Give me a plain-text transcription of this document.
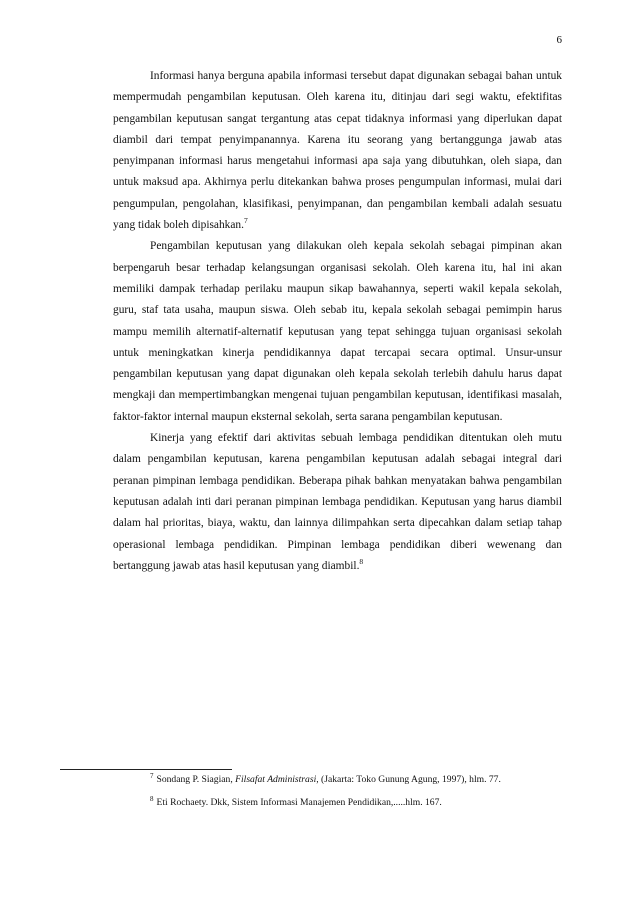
6

Informasi hanya berguna apabila informasi tersebut dapat digunakan sebagai bahan untuk mempermudah pengambilan keputusan. Oleh karena itu, ditinjau dari segi waktu, efektifitas pengambilan keputusan sangat tergantung atas cepat tidaknya informasi yang diperlukan dapat diambil dari tempat penyimpanannya. Karena itu seorang yang bertanggunga jawab atas penyimpanan informasi harus mengetahui informasi apa saja yang dibutuhkan, oleh siapa, dan untuk maksud apa. Akhirnya perlu ditekankan bahwa proses pengumpulan informasi, mulai dari pengumpulan, pengolahan, klasifikasi, penyimpanan, dan pengambilan kembali adalah sesuatu yang tidak boleh dipisahkan.$^7$

Pengambilan keputusan yang dilakukan oleh kepala sekolah sebagai pimpinan akan berpengaruh besar terhadap kelangsungan organisasi sekolah. Oleh karena itu, hal ini akan memiliki dampak terhadap perilaku maupun sikap bawahannya, seperti wakil kepala sekolah, guru, staf tata usaha, maupun siswa. Oleh sebab itu, kepala sekolah sebagai pemimpin harus mampu memilih alternatif-alternatif keputusan yang tepat sehingga tujuan organisasi sekolah untuk meningkatkan kinerja pendidikannya dapat tercapai secara optimal. Unsur-unsur pengambilan keputusan yang dapat digunakan oleh kepala sekolah terlebih dahulu harus dapat mengkaji dan mempertimbangkan mengenai tujuan pengambilan keputusan, identifikasi masalah, faktor-faktor internal maupun eksternal sekolah, serta sarana pengambilan keputusan.

Kinerja yang efektif dari aktivitas sebuah lembaga pendidikan ditentukan oleh mutu dalam pengambilan keputusan, karena pengambilan keputusan adalah sebagai integral dari peranan pimpinan lembaga pendidikan. Beberapa pihak bahkan menyatakan bahwa pengambilan keputusan adalah inti dari peranan pimpinan lembaga pendidikan. Keputusan yang harus diambil dalam hal prioritas, biaya, waktu, dan lainnya dilimpahkan serta dipecahkan dalam setiap tahap operasional lembaga pendidikan. Pimpinan lembaga pendidikan diberi wewenang dan bertanggung jawab atas hasil keputusan yang diambil.$^8$

$^7$ Sondang P. Siagian, Filsafat Administrasi, (Jakarta: Toko Gunung Agung, 1997), hlm. 77.

$^8$ Eti Rochaety. Dkk, Sistem Informasi Manajemen Pendidikan,.....hlm. 167.
